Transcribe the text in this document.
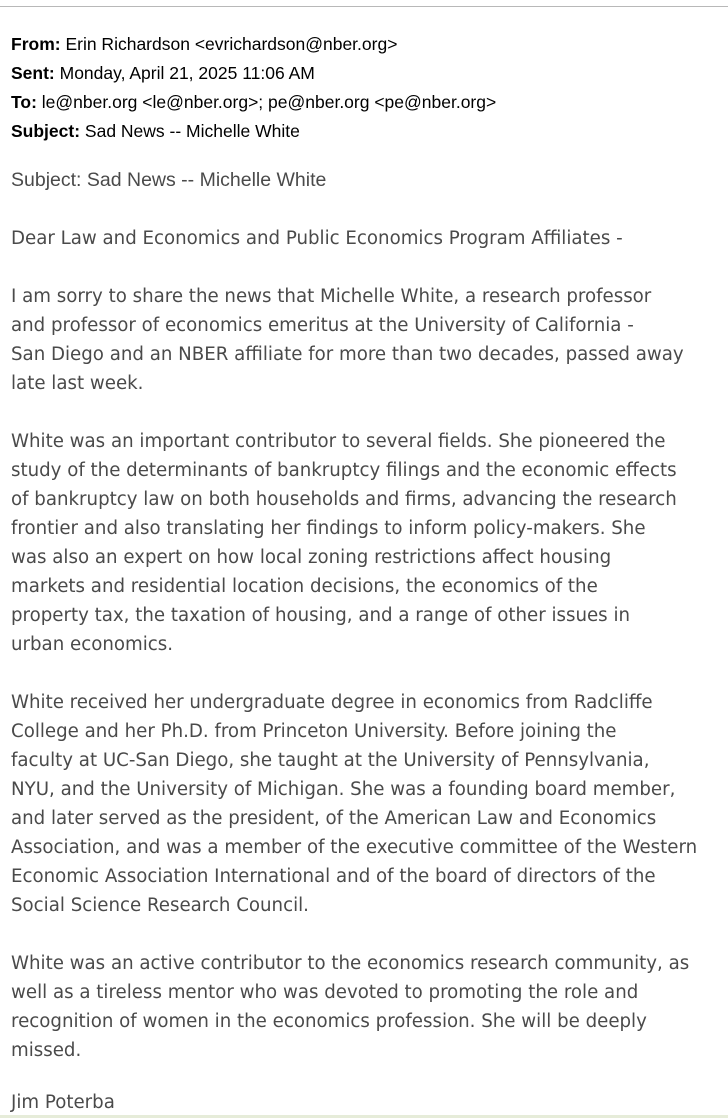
From: Erin Richardson <evrichardson@nber.org>
Sent: Monday, April 21, 2025 11:06 AM
To: le@nber.org <le@nber.org>; pe@nber.org <pe@nber.org>
Subject: Sad News -- Michelle White
Subject: Sad News -- Michelle White

Dear Law and Economics and Public Economics Program Affiliates -

I am sorry to share the news that Michelle White, a research professor
and professor of economics emeritus at the University of California -
San Diego and an NBER affiliate for more than two decades, passed away
late last week.

White was an important contributor to several fields. She pioneered the
study of the determinants of bankruptcy filings and the economic effects
of bankruptcy law on both households and firms, advancing the research
frontier and also translating her findings to inform policy-makers. She
was also an expert on how local zoning restrictions affect housing
markets and residential location decisions, the economics of the
property tax, the taxation of housing, and a range of other issues in
urban economics.

White received her undergraduate degree in economics from Radcliffe
College and her Ph.D. from Princeton University. Before joining the
faculty at UC-San Diego, she taught at the University of Pennsylvania,
NYU, and the University of Michigan. She was a founding board member,
and later served as the president, of the American Law and Economics
Association, and was a member of the executive committee of the Western
Economic Association International and of the board of directors of the
Social Science Research Council.

White was an active contributor to the economics research community, as
well as a tireless mentor who was devoted to promoting the role and
recognition of women in the economics profession. She will be deeply
missed.

Jim Poterba
